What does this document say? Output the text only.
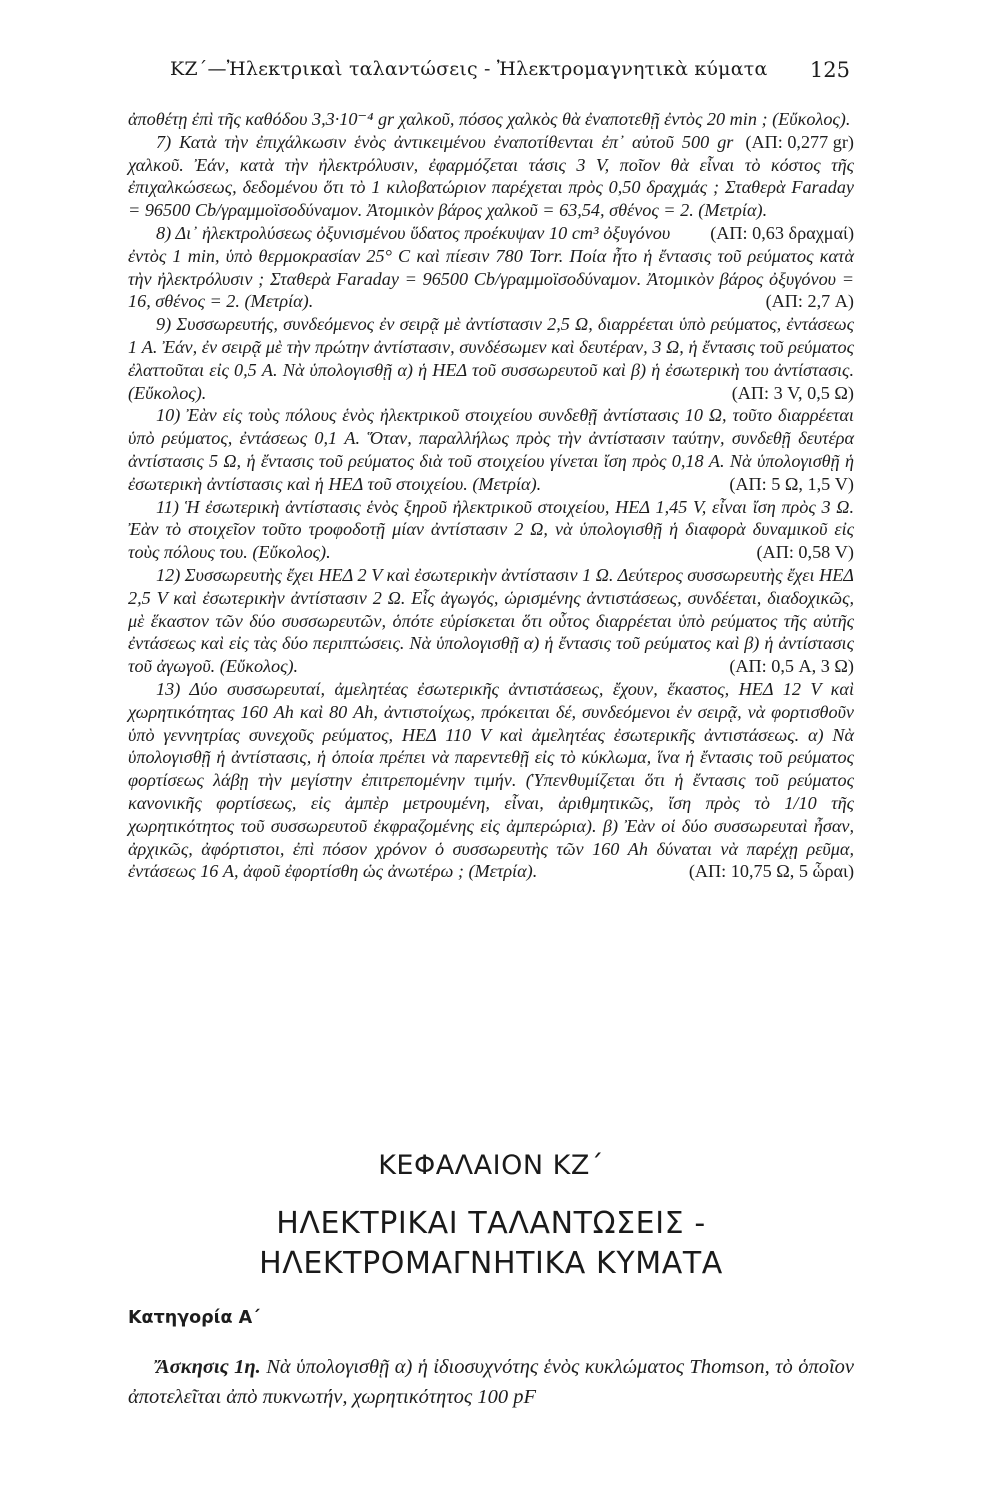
ΚΖ΄—Ἠλεκτρικαὶ ταλαντώσεις - Ἠλεκτρομαγνητικὰ κύματα 125

ἀποθέτῃ ἐπὶ τῆς καθόδου 3,3·10⁻⁴ gr χαλκοῦ, πόσος χαλκὸς θὰ ἐναποτεθῇ ἐντὸς 20 min ; (Εὔκολος).
(ΑΠ: 0,277 gr)

7) Κατὰ τὴν ἐπιχάλκωσιν ἑνὸς ἀντικειμένου ἐναποτίθενται ἐπ᾽ αὐτοῦ 500 gr χαλκοῦ. Ἐάν, κατὰ τὴν ἠλεκτρόλυσιν, ἐφαρμόζεται τάσις 3 V, ποῖον θὰ εἶναι τὸ κόστος τῆς ἐπιχαλκώσεως, δεδομένου ὅτι τὸ 1 κιλοβατώριον παρέχεται πρὸς 0,50 δραχμάς ; Σταθερὰ Faraday = 96500 Cb/γραμμοϊσοδύναμον. Ἀτομικὸν βάρος χαλκοῦ = 63,54, σθένος = 2. (Μετρία).
(ΑΠ: 0,63 δραχμαί)

8) Δι᾽ ἠλεκτρολύσεως ὀξυνισμένου ὕδατος προέκυψαν 10 cm³ ὀξυγόνου ἐντὸς 1 min, ὑπὸ θερμοκρασίαν 25° C καὶ πίεσιν 780 Torr. Ποία ἦτο ἡ ἔντασις τοῦ ρεύματος κατὰ τὴν ἠλεκτρόλυσιν ; Σταθερὰ Faraday = 96500 Cb/γραμμοϊσοδύναμον. Ἀτομικὸν βάρος ὀξυγόνου = 16, σθένος = 2. (Μετρία).	(ΑΠ: 2,7 A)

9) Συσσωρευτής, συνδεόμενος ἐν σειρᾷ μὲ ἀντίστασιν 2,5 Ω, διαρρέεται ὑπὸ ρεύματος, ἐντάσεως 1 A. Ἐάν, ἐν σειρᾷ μὲ τὴν πρώτην ἀντίστασιν, συνδέσωμεν καὶ δευτέραν, 3 Ω, ἡ ἔντασις τοῦ ρεύματος ἐλαττοῦται εἰς 0,5 A. Νὰ ὑπολογισθῇ α) ἡ ΗΕΔ τοῦ συσσωρευτοῦ καὶ β) ἡ ἐσωτερικὴ του ἀντίστασις. (Εὔκολος).	(ΑΠ: 3 V, 0,5 Ω)

10) Ἐὰν εἰς τοὺς πόλους ἑνὸς ἠλεκτρικοῦ στοιχείου συνδεθῇ ἀντίστασις 10 Ω, τοῦτο διαρρέεται ὑπὸ ρεύματος, ἐντάσεως 0,1 A. Ὅταν, παραλλήλως πρὸς τὴν ἀντίστασιν ταύτην, συνδεθῇ δευτέρα ἀντίστασις 5 Ω, ἡ ἔντασις τοῦ ρεύματος διὰ τοῦ στοιχείου γίνεται ἴση πρὸς 0,18 A. Νὰ ὑπολογισθῇ ἡ ἐσωτερικὴ ἀντίστασις καὶ ἡ ΗΕΔ τοῦ στοιχείου. (Μετρία).	(ΑΠ: 5 Ω, 1,5 V)

11) Ἡ ἐσωτερικὴ ἀντίστασις ἑνὸς ξηροῦ ἠλεκτρικοῦ στοιχείου, ΗΕΔ 1,45 V, εἶναι ἴση πρὸς 3 Ω. Ἐὰν τὸ στοιχεῖον τοῦτο τροφοδοτῇ μίαν ἀντίστασιν 2 Ω, νὰ ὑπολογισθῇ ἡ διαφορὰ δυναμικοῦ εἰς τοὺς πόλους του. (Εὔκολος).	(ΑΠ: 0,58 V)

12) Συσσωρευτὴς ἔχει ΗΕΔ 2 V καὶ ἐσωτερικὴν ἀντίστασιν 1 Ω. Δεύτερος συσσωρευτὴς ἔχει ΗΕΔ 2,5 V καὶ ἐσωτερικὴν ἀντίστασιν 2 Ω. Εἷς ἀγωγός, ὡρισμένης ἀντιστάσεως, συνδέεται, διαδοχικῶς, μὲ ἕκαστον τῶν δύο συσσωρευτῶν, ὁπότε εὑρίσκεται ὅτι οὗτος διαρρέεται ὑπὸ ρεύματος τῆς αὐτῆς ἐντάσεως καὶ εἰς τὰς δύο περιπτώσεις. Νὰ ὑπολογισθῇ α) ἡ ἔντασις τοῦ ρεύματος καὶ β) ἡ ἀντίστασις τοῦ ἀγωγοῦ. (Εὔκολος).	(ΑΠ: 0,5 A, 3 Ω)

13) Δύο συσσωρευταί, ἀμελητέας ἐσωτερικῆς ἀντιστάσεως, ἔχουν, ἕκαστος, ΗΕΔ 12 V καὶ χωρητικότητας 160 Ah καὶ 80 Ah, ἀντιστοίχως, πρόκειται δέ, συνδεόμενοι ἐν σειρᾷ, νὰ φορτισθοῦν ὑπὸ γεννητρίας συνεχοῦς ρεύματος, ΗΕΔ 110 V καὶ ἀμελητέας ἐσωτερικῆς ἀντιστάσεως. α) Νὰ ὑπολογισθῇ ἡ ἀντίστασις, ἡ ὁποία πρέπει νὰ παρεντεθῇ εἰς τὸ κύκλωμα, ἵνα ἡ ἔντασις τοῦ ρεύματος φορτίσεως λάβῃ τὴν μεγίστην ἐπιτρεπομένην τιμήν. (Ὑπενθυμίζεται ὅτι ἡ ἔντασις τοῦ ρεύματος κανονικῆς φορτίσεως, εἰς ἀμπὲρ μετρουμένη, εἶναι, ἀριθμητικῶς, ἴση πρὸς τὸ 1/10 τῆς χωρητικότητος τοῦ συσσωρευτοῦ ἐκφραζομένης εἰς ἀμπερώρια). β) Ἐὰν οἱ δύο συσσωρευταὶ ἦσαν, ἀρχικῶς, ἀφόρτιστοι, ἐπὶ πόσον χρόνον ὁ συσσωρευτὴς τῶν 160 Ah δύναται νὰ παρέχῃ ρεῦμα, ἐντάσεως 16 A, ἀφοῦ ἐφορτίσθη ὡς ἀνωτέρω ; (Μετρία).	(ΑΠ: 10,75 Ω, 5 ὧραι)

ΚΕΦΑΛΑΙΟΝ ΚΖ΄
ΗΛΕΚΤΡΙΚΑΙ ΤΑΛΑΝΤΩΣΕΙΣ -
ΗΛΕΚΤΡΟΜΑΓΝΗΤΙΚΑ ΚΥΜΑΤΑ
Κατηγορία Α΄
Ἄσκησις 1η. Νὰ ὑπολογισθῇ α) ἡ ἰδιοσυχνότης ἑνὸς κυκλώματος Thomson, τὸ ὁποῖον ἀποτελεῖται ἀπὸ πυκνωτήν, χωρητικότητος 100 pF
